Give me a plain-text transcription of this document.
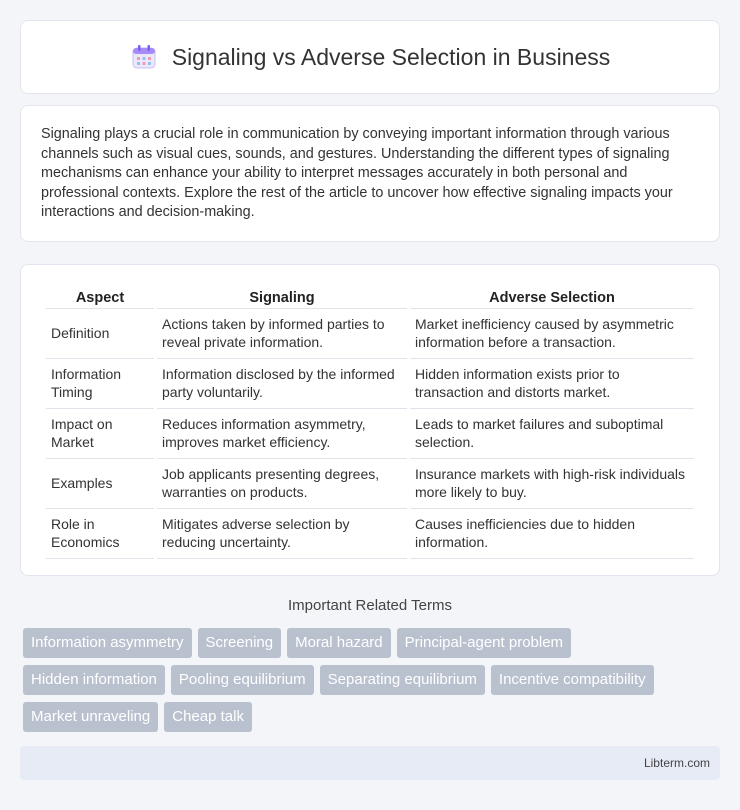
Signaling vs Adverse Selection in Business

Signaling plays a crucial role in communication by conveying important information through various channels such as visual cues, sounds, and gestures. Understanding the different types of signaling mechanisms can enhance your ability to interpret messages accurately in both personal and professional contexts. Explore the rest of the article to uncover how effective signaling impacts your interactions and decision-making.

Aspect	Signaling	Adverse Selection
Definition	Actions taken by informed parties to reveal private information.	Market inefficiency caused by asymmetric information before a transaction.
Information Timing	Information disclosed by the informed party voluntarily.	Hidden information exists prior to transaction and distorts market.
Impact on Market	Reduces information asymmetry, improves market efficiency.	Leads to market failures and suboptimal selection.
Examples	Job applicants presenting degrees, warranties on products.	Insurance markets with high-risk individuals more likely to buy.
Role in Economics	Mitigates adverse selection by reducing uncertainty.	Causes inefficiencies due to hidden information.
Important Related Terms
Information asymmetry	Screening	Moral hazard	Principal-agent problem
Hidden information	Pooling equilibrium	Separating equilibrium	Incentive compatibility
Market unraveling	Cheap talk
Libterm.com
